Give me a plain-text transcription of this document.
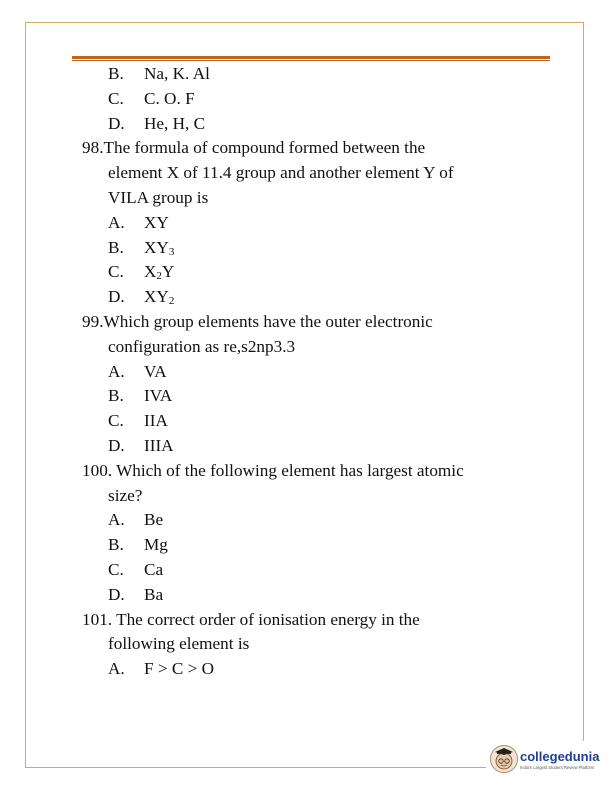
B. Na, K. Al
C. C. O. F
D. He, H, C
98.The formula of compound formed between the
element X of 11.4 group and another element Y of
VILA group is
A. XY
B. $XY_3$
C. $X_2Y$
D. $XY_2$
99.Which group elements have the outer electronic
configuration as re,s2np3.3
A. VA
B. IVA
C. IIA
D. IIIA
100. Which of the following element has largest atomic
size?
A. Be
B. Mg
C. Ca
D. Ba
101. The correct order of ionisation energy in the
following element is
A. F > C > O
collegedunia
India's Largest Student Review Platform
